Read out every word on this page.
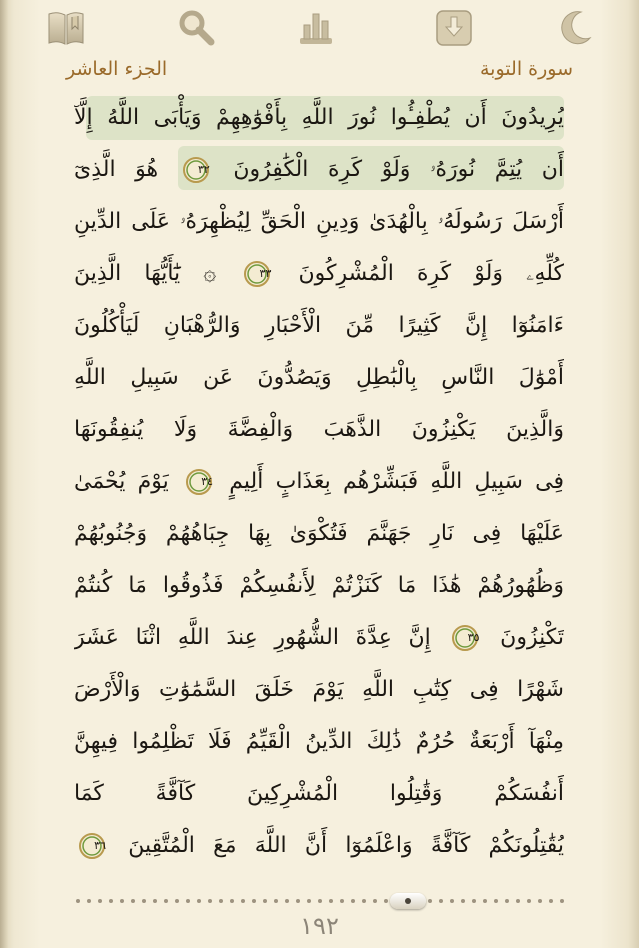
الجزء العاشر	سورة التوبة
يُرِيدُونَ أَن يُطْفِـُٔوا نُورَ اللَّهِ بِأَفْوَٰهِهِمْ وَيَأْبَى اللَّهُ إِلَّآ
أَن يُتِمَّ نُورَهُۥ وَلَوْ كَرِهَ الْكَٰفِرُونَ
٣٢
هُوَ الَّذِىٓ
أَرْسَلَ رَسُولَهُۥ بِالْهُدَىٰ وَدِينِ الْحَقِّ لِيُظْهِرَهُۥ عَلَى الدِّينِ
كُلِّهِۦ وَلَوْ كَرِهَ الْمُشْرِكُونَ
٣٣
۞ يَٰٓأَيُّهَا الَّذِينَ
ءَامَنُوٓا إِنَّ كَثِيرًا مِّنَ الْأَحْبَارِ وَالرُّهْبَانِ لَيَأْكُلُونَ
أَمْوَٰلَ النَّاسِ بِالْبَٰطِلِ وَيَصُدُّونَ عَن سَبِيلِ اللَّهِ
وَالَّذِينَ يَكْنِزُونَ الذَّهَبَ وَالْفِضَّةَ وَلَا يُنفِقُونَهَا
فِى سَبِيلِ اللَّهِ فَبَشِّرْهُم بِعَذَابٍ أَلِيمٍ
٣٤
يَوْمَ يُحْمَىٰ
عَلَيْهَا فِى نَارِ جَهَنَّمَ فَتُكْوَىٰ بِهَا جِبَاهُهُمْ وَجُنُوبُهُمْ
وَظُهُورُهُمْ هَٰذَا مَا كَنَزْتُمْ لِأَنفُسِكُمْ فَذُوقُوا مَا كُنتُمْ
تَكْنِزُونَ
٣٥
إِنَّ عِدَّةَ الشُّهُورِ عِندَ اللَّهِ اثْنَا عَشَرَ
شَهْرًا فِى كِتَٰبِ اللَّهِ يَوْمَ خَلَقَ السَّمَٰوَٰتِ وَالْأَرْضَ
مِنْهَآ أَرْبَعَةٌ حُرُمٌ ذَٰلِكَ الدِّينُ الْقَيِّمُ فَلَا تَظْلِمُوا فِيهِنَّ
أَنفُسَكُمْ وَقَٰتِلُوا الْمُشْرِكِينَ كَآفَّةً كَمَا
يُقَٰتِلُونَكُمْ كَآفَّةً وَاعْلَمُوٓا أَنَّ اللَّهَ مَعَ الْمُتَّقِينَ
٣٦
١٩٢
